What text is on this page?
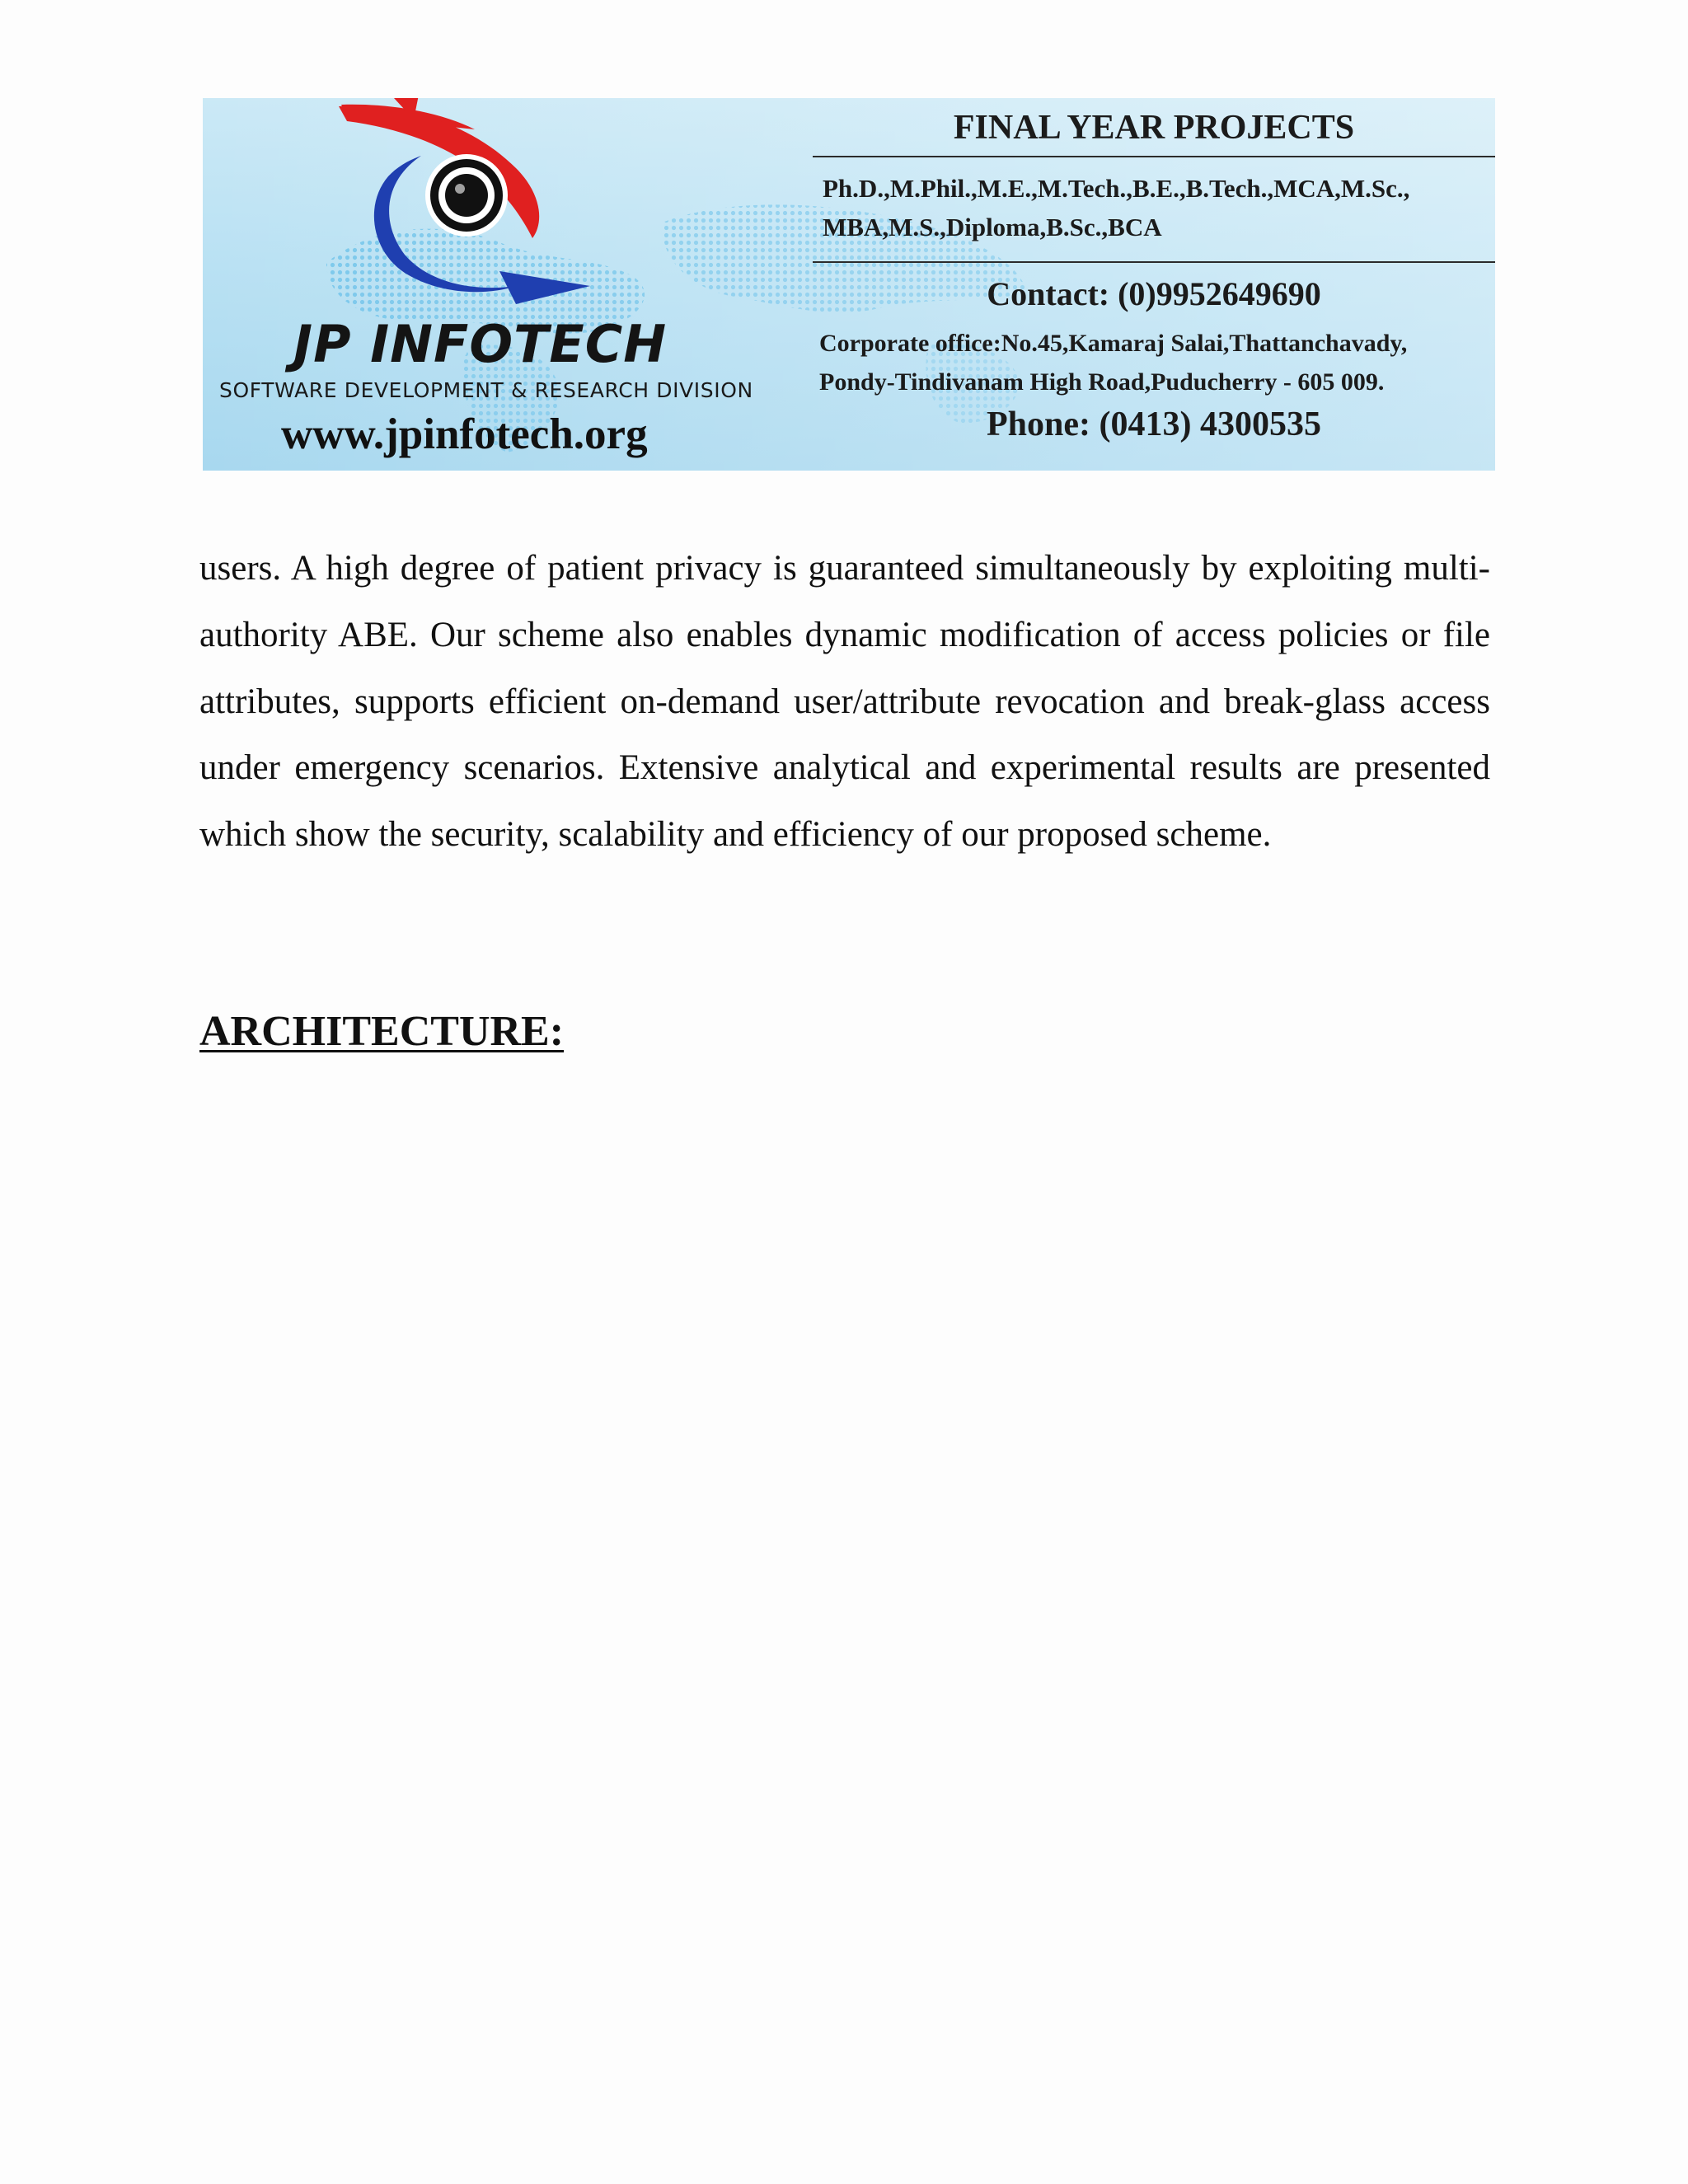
JP INFOTECH
SOFTWARE DEVELOPMENT & RESEARCH DIVISION
www.jpinfotech.org
FINAL YEAR PROJECTS
Ph.D.,M.Phil.,M.E.,M.Tech.,B.E.,B.Tech.,MCA,M.Sc., MBA,M.S.,Diploma,B.Sc.,BCA
Contact: (0)9952649690
Corporate office:No.45,Kamaraj Salai,Thattanchavady,
Pondy-Tindivanam High Road,Puducherry - 605 009.
Phone: (0413) 4300535

users. A high degree of patient privacy is guaranteed simultaneously by exploiting multi-authority ABE. Our scheme also enables dynamic modification of access policies or file attributes, supports efficient on-demand user/attribute revocation and break-glass access under emergency scenarios. Extensive analytical and experimental results are presented which show the security, scalability and efficiency of our proposed scheme.

ARCHITECTURE:
